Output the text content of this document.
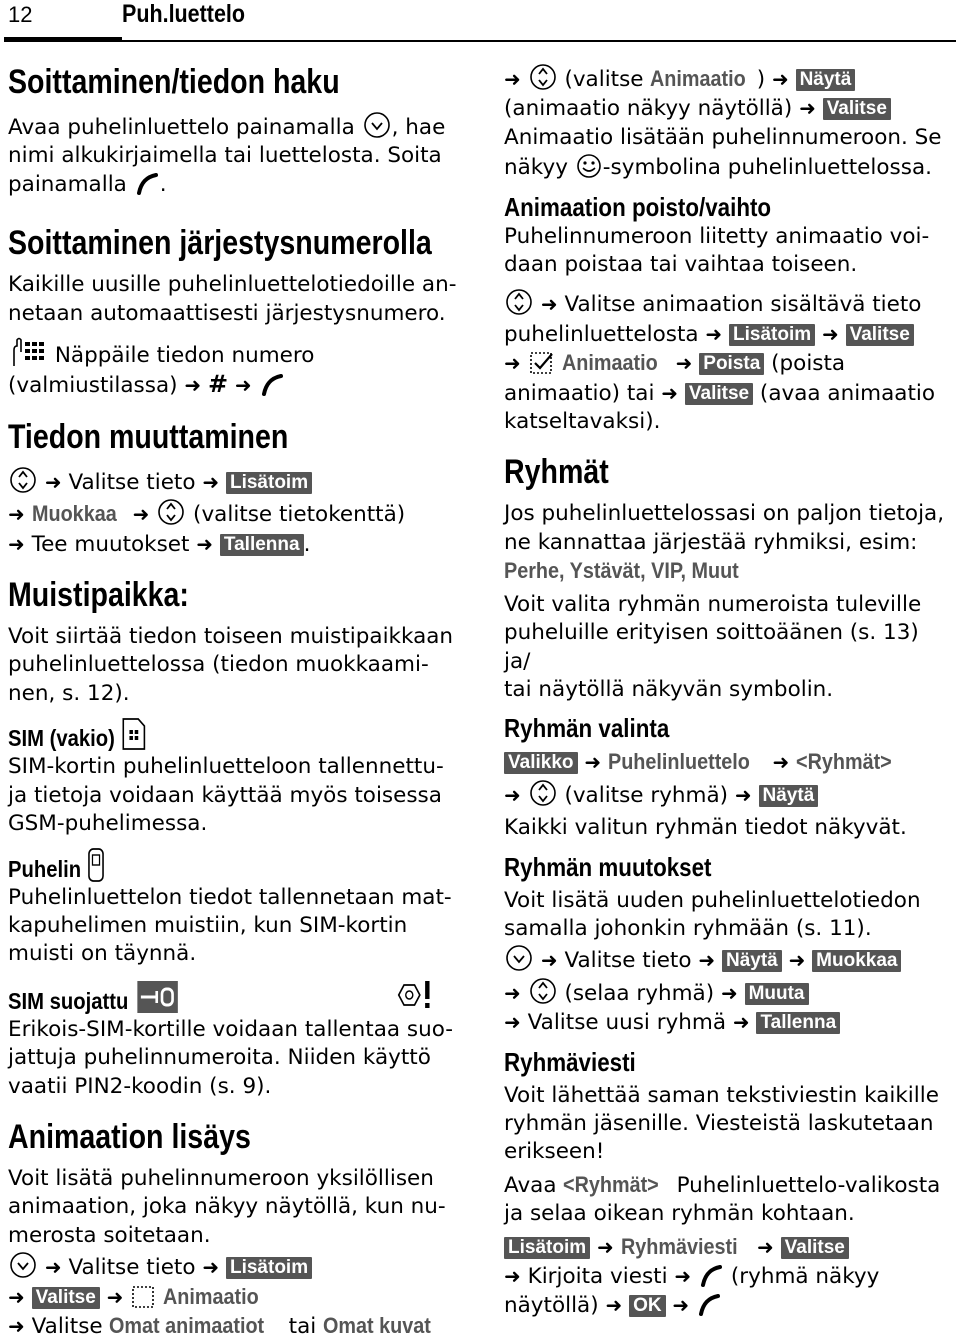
12	Puh.luettelo
Soittaminen/tiedon haku

Avaa puhelinluettelo painamalla , hae
nimi alkukirjaimella tai luettelosta. Soita
painamalla .

Soittaminen järjestysnumerolla

Kaikille uusille puhelinluettelotiedoille an-
netaan automaattisesti järjestysnumero.

Näppäile tiedon numero
(valmiustilassa) ➜ # ➜

Tiedon muuttaminen

➜ Valitse tieto ➜ Lisätoim
➜ Muokkaa ➜  (valitse tietokenttä)
➜ Tee muutokset ➜ Tallenna .

Muistipaikka:

Voit siirtää tiedon toiseen muistipaikkaan
puhelinluettelossa (tiedon muokkaami-
nen, s. 12).

SIM (vakio)

SIM-kortin puhelinluetteloon tallennettu-
ja tietoja voidaan käyttää myös toisessa
GSM-puhelimessa.

Puhelin

Puhelinluettelon tiedot tallennetaan mat-
kapuhelimen muistiin, kun SIM-kortin
muisti on täynnä.

SIM suojattu

Erikois-SIM-kortille voidaan tallentaa suo-
jattuja puhelinnumeroita. Niiden käyttö
vaatii PIN2-koodin (s. 9).

Animaation lisäys

Voit lisätä puhelinnumeroon yksilöllisen
animaation, joka näkyy näytöllä, kun nu-
merosta soitetaan.

➜ Valitse tieto ➜ Lisätoim
➜ Valitse ➜ Animaatio
➜ Valitse Omat animaatiot tai Omat kuvat

➜  (valitse Animaatio ) ➜ Näytä
(animaatio näkyy näytöllä) ➜ Valitse
Animaatio lisätään puhelinnumeroon. Se
näkyy -symbolina puhelinluettelossa.

Animaation poisto/vaihto

Puhelinnumeroon liitetty animaatio voi-
daan poistaa tai vaihtaa toiseen.

➜ Valitse animaation sisältävä tieto
puhelinluettelosta ➜ Lisätoim ➜ Valitse
➜ Animaatio ➜ Poista (poista
animaatio) tai ➜ Valitse (avaa animaatio
katseltavaksi).

Ryhmät

Jos puhelinluettelossasi on paljon tietoja,
ne kannattaa järjestää ryhmiksi, esim:
Perhe, Ystävät, VIP, Muut

Voit valita ryhmän numeroista tuleville
puheluille erityisen soittoäänen (s. 13) ja/
tai näytöllä näkyvän symbolin.

Ryhmän valinta

Valikko ➜ Puhelinluettelo ➜ <Ryhmät>
➜  (valitse ryhmä) ➜ Näytä

Kaikki valitun ryhmän tiedot näkyvät.

Ryhmän muutokset

Voit lisätä uuden puhelinluettelotiedon
samalla johonkin ryhmään (s. 11).

➜ Valitse tieto ➜ Näytä ➜ Muokkaa
➜  (selaa ryhmä) ➜ Muuta
➜ Valitse uusi ryhmä ➜ Tallenna

Ryhmäviesti

Voit lähettää saman tekstiviestin kaikille
ryhmän jäsenille. Viesteistä laskutetaan
erikseen!

Avaa <Ryhmät> Puhelinluettelo-valikosta
ja selaa oikean ryhmän kohtaan.

Lisätoim ➜ Ryhmäviesti ➜ Valitse
➜ Kirjoita viesti ➜  (ryhmä näkyy
näytöllä) ➜ OK ➜
